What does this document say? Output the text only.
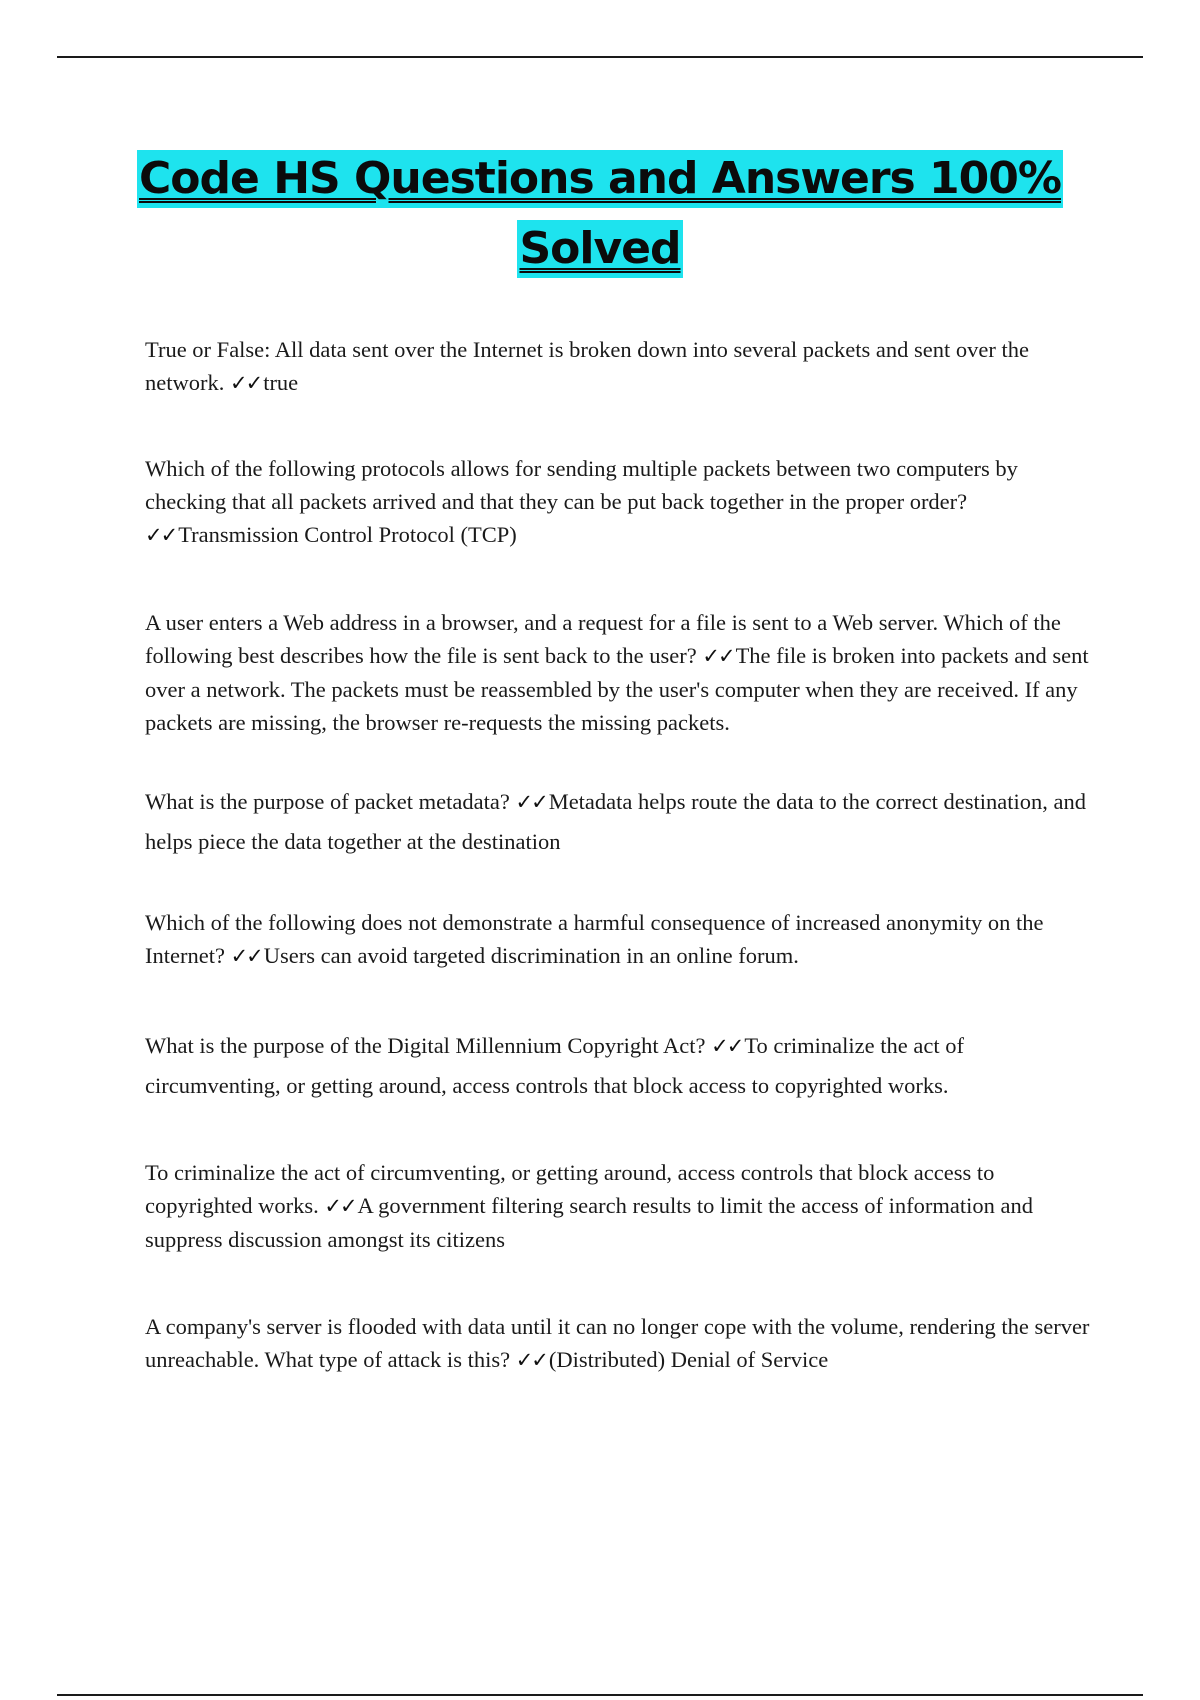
Code HS Questions and Answers 100%
Solved

True or False: All data sent over the Internet is broken down into several packets and sent over the network. ✓✓true

Which of the following protocols allows for sending multiple packets between two computers by checking that all packets arrived and that they can be put back together in the proper order? ✓✓Transmission Control Protocol (TCP)

A user enters a Web address in a browser, and a request for a file is sent to a Web server. Which of the following best describes how the file is sent back to the user? ✓✓The file is broken into packets and sent over a network. The packets must be reassembled by the user's computer when they are received. If any packets are missing, the browser re-requests the missing packets.

What is the purpose of packet metadata? ✓✓Metadata helps route the data to the correct destination, and helps piece the data together at the destination

Which of the following does not demonstrate a harmful consequence of increased anonymity on the Internet? ✓✓Users can avoid targeted discrimination in an online forum.

What is the purpose of the Digital Millennium Copyright Act? ✓✓To criminalize the act of circumventing, or getting around, access controls that block access to copyrighted works.

To criminalize the act of circumventing, or getting around, access controls that block access to copyrighted works. ✓✓A government filtering search results to limit the access of information and suppress discussion amongst its citizens

A company's server is flooded with data until it can no longer cope with the volume, rendering the server unreachable. What type of attack is this? ✓✓(Distributed) Denial of Service
